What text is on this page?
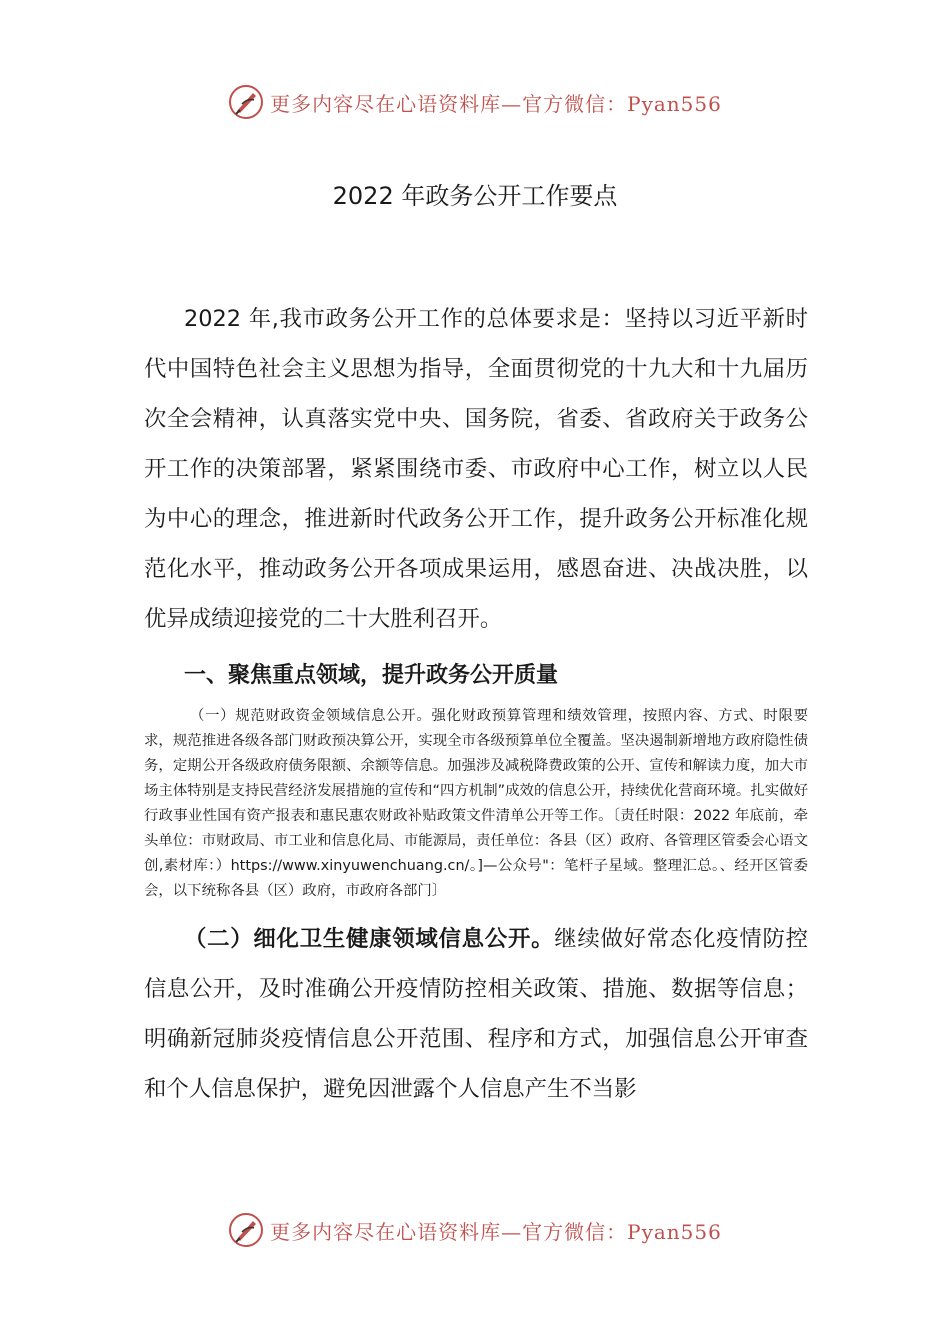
更多内容尽在心语资料库—官方微信：Pyan556
2022 年政务公开工作要点

2022 年,我市政务公开工作的总体要求是：坚持以习近平新时代中国特色社会主义思想为指导，全面贯彻党的十九大和十九届历次全会精神，认真落实党中央、国务院，省委、省政府关于政务公开工作的决策部署，紧紧围绕市委、市政府中心工作，树立以人民为中心的理念，推进新时代政务公开工作，提升政务公开标准化规范化水平，推动政务公开各项成果运用，感恩奋进、决战决胜，以优异成绩迎接党的二十大胜利召开。

一、聚焦重点领域，提升政务公开质量

（一）规范财政资金领域信息公开。强化财政预算管理和绩效管理，按照内容、方式、时限要求，规范推进各级各部门财政预决算公开，实现全市各级预算单位全覆盖。坚决遏制新增地方政府隐性债务，定期公开各级政府债务限额、余额等信息。加强涉及减税降费政策的公开、宣传和解读力度，加大市场主体特别是支持民营经济发展措施的宣传和“四方机制”成效的信息公开，持续优化营商环境。扎实做好行政事业性国有资产报表和惠民惠农财政补贴政策文件清单公开等工作。〔责任时限：2022 年底前，牵头单位：市财政局、市工业和信息化局、市能源局，责任单位：各县（区）政府、各管理区管委会心语文创,素材库：）https://www.xinyuwenchuang.cn/。]—公众号"：笔杆子星域。整理汇总。、经开区管委会，以下统称各县（区）政府，市政府各部门〕

（二）细化卫生健康领域信息公开。继续做好常态化疫情防控信息公开，及时准确公开疫情防控相关政策、措施、数据等信息；明确新冠肺炎疫情信息公开范围、程序和方式，加强信息公开审查和个人信息保护，避免因泄露个人信息产生不当影

更多内容尽在心语资料库—官方微信：Pyan556
